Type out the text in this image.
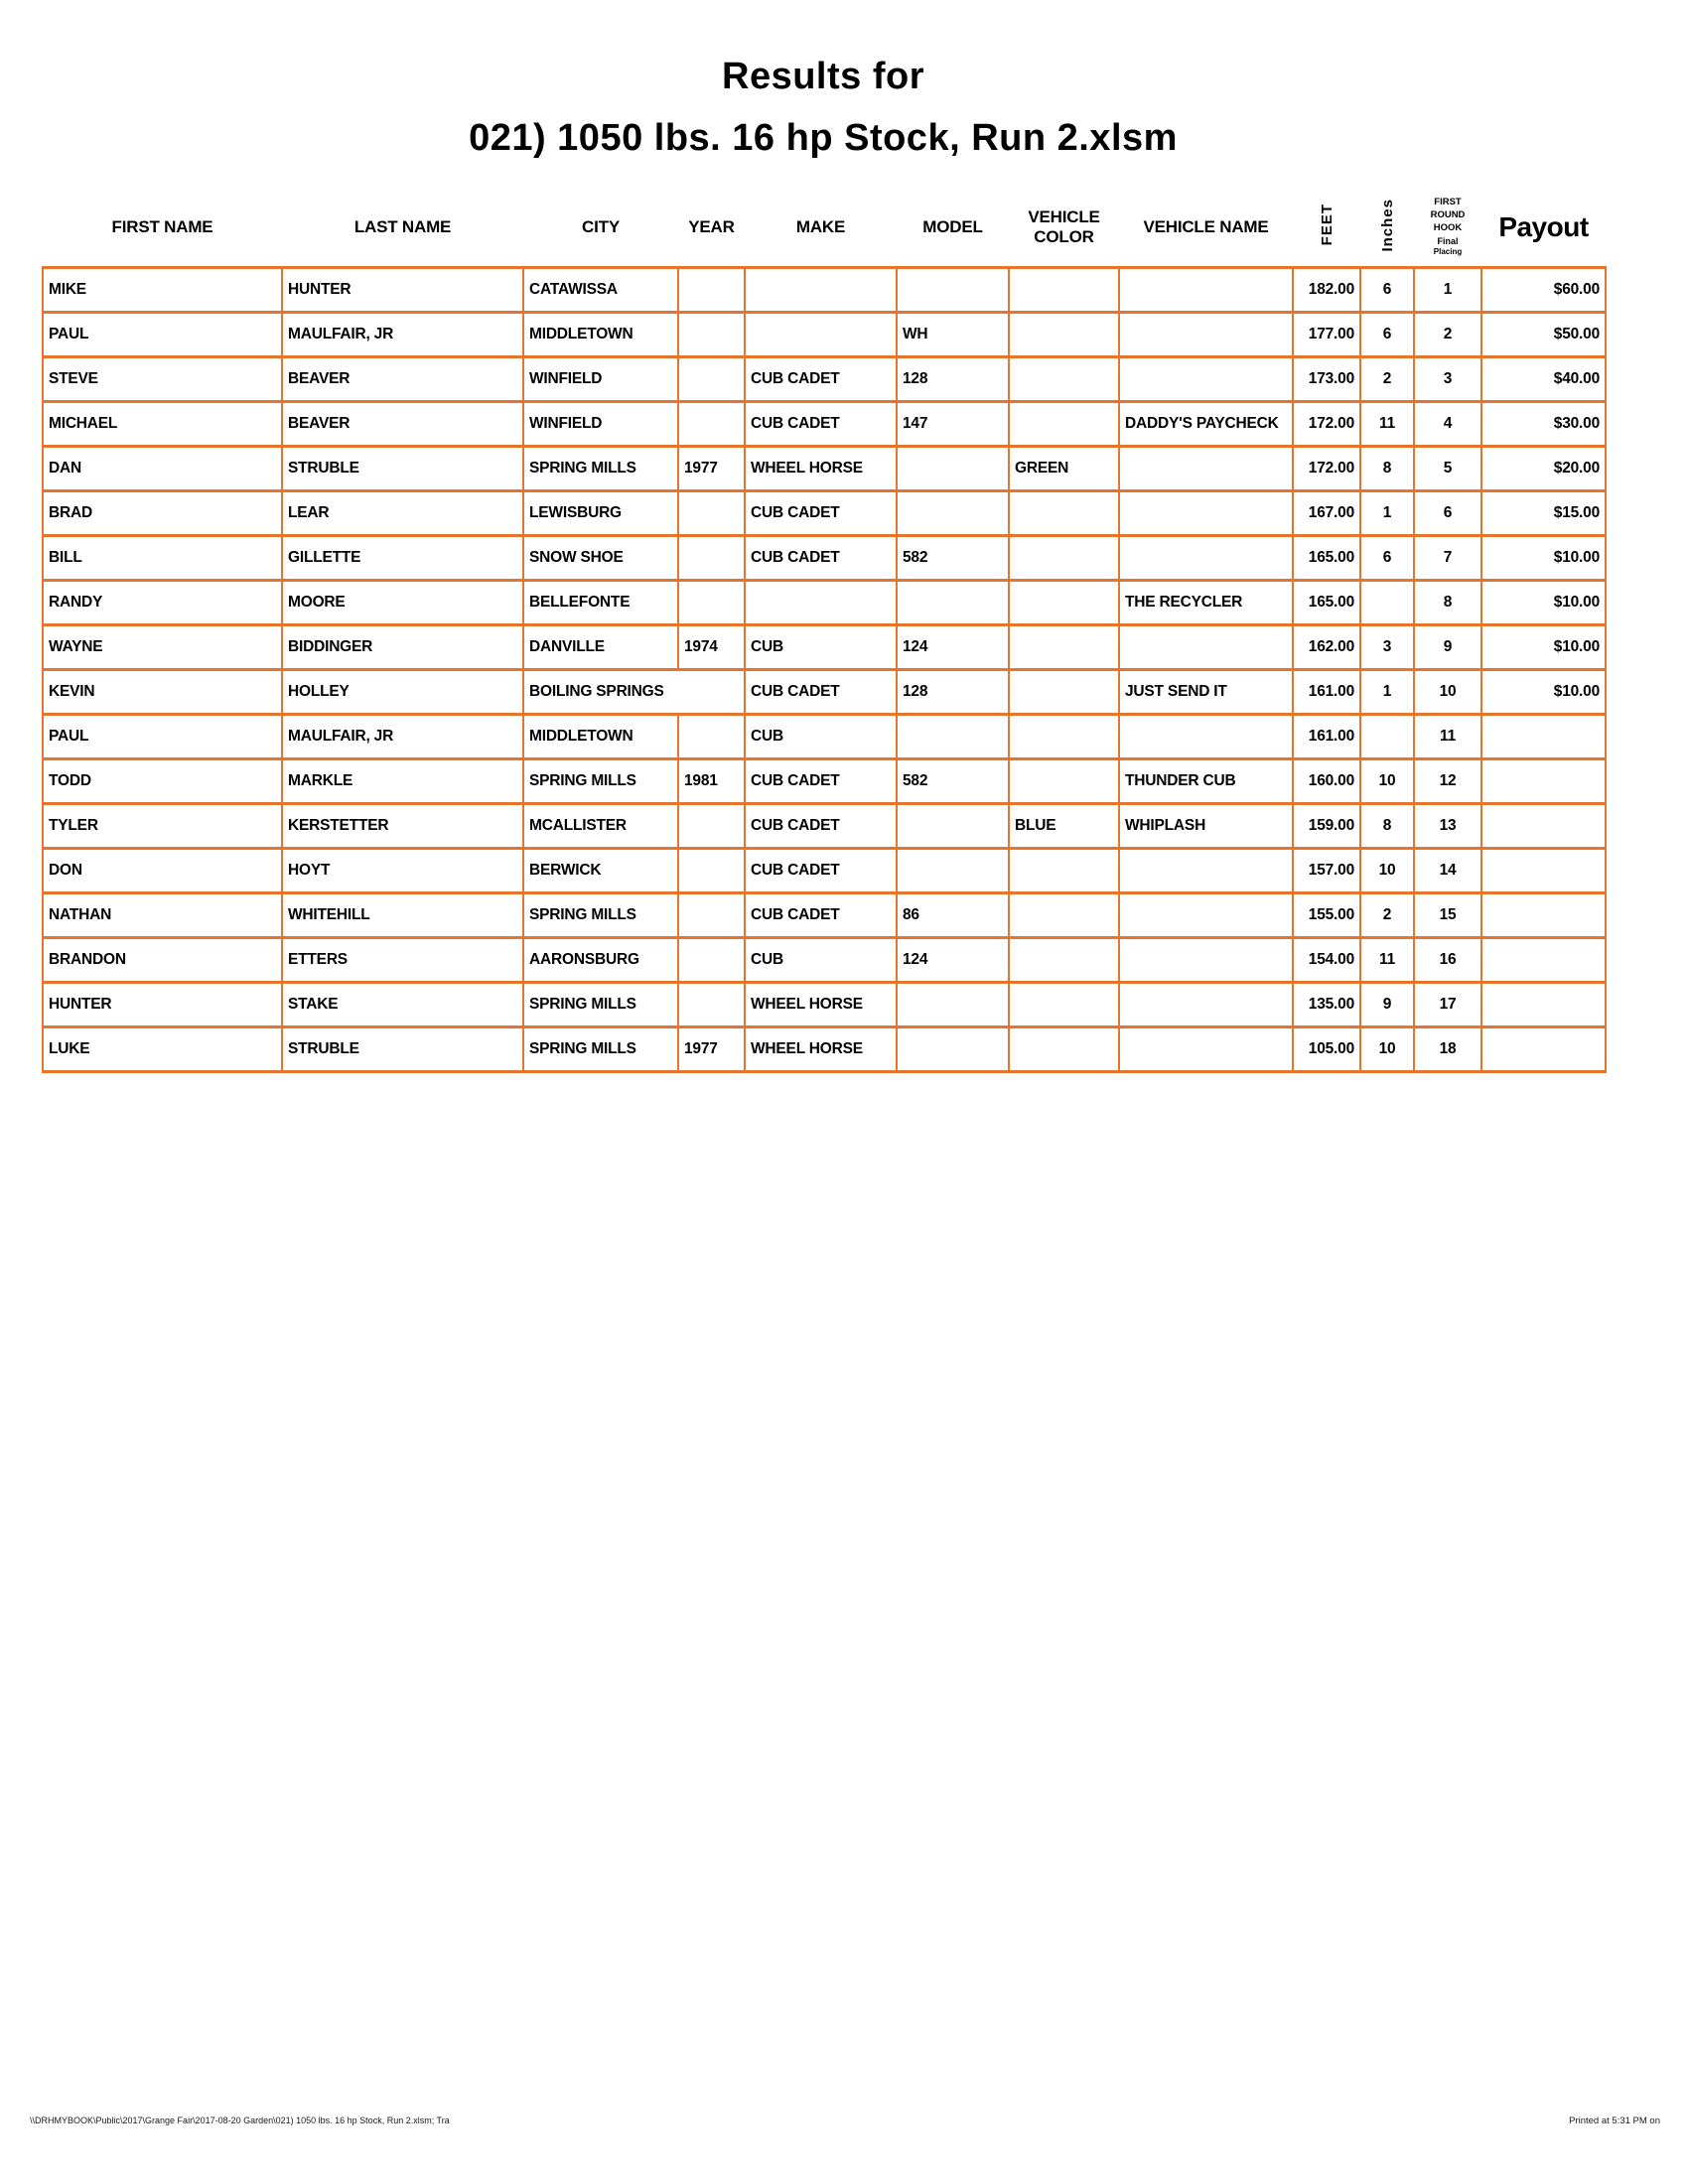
Results for
021) 1050 lbs. 16 hp Stock, Run 2.xlsm
FIRST NAME	LAST NAME	CITY	YEAR	MAKE	MODEL	VEHICLE
COLOR	VEHICLE NAME	FEET	Inches	FIRST
ROUND
HOOK
Final
Placing	Payout
MIKE	HUNTER	CATAWISSA						182.00	6	1	$60.00
PAUL	MAULFAIR, JR	MIDDLETOWN			WH			177.00	6	2	$50.00
STEVE	BEAVER	WINFIELD		CUB CADET	128			173.00	2	3	$40.00
MICHAEL	BEAVER	WINFIELD		CUB CADET	147		DADDY'S PAYCHECK	172.00	11	4	$30.00
DAN	STRUBLE	SPRING MILLS	1977	WHEEL HORSE		GREEN		172.00	8	5	$20.00
BRAD	LEAR	LEWISBURG		CUB CADET				167.00	1	6	$15.00
BILL	GILLETTE	SNOW SHOE		CUB CADET	582			165.00	6	7	$10.00
RANDY	MOORE	BELLEFONTE					THE RECYCLER	165.00		8	$10.00
WAYNE	BIDDINGER	DANVILLE	1974	CUB	124			162.00	3	9	$10.00
KEVIN	HOLLEY	BOILING SPRINGS		CUB CADET	128		JUST SEND IT	161.00	1	10	$10.00
PAUL	MAULFAIR, JR	MIDDLETOWN		CUB				161.00		11	
TODD	MARKLE	SPRING MILLS	1981	CUB CADET	582		THUNDER CUB	160.00	10	12	
TYLER	KERSTETTER	MCALLISTER		CUB CADET		BLUE	WHIPLASH	159.00	8	13	
DON	HOYT	BERWICK		CUB CADET				157.00	10	14	
NATHAN	WHITEHILL	SPRING MILLS		CUB CADET	86			155.00	2	15	
BRANDON	ETTERS	AARONSBURG		CUB	124			154.00	11	16	
HUNTER	STAKE	SPRING MILLS		WHEEL HORSE				135.00	9	17	
LUKE	STRUBLE	SPRING MILLS	1977	WHEEL HORSE				105.00	10	18	
\\DRHMYBOOK\Public\2017\Grange Fair\2017-08-20 Garden\021) 1050 lbs. 16 hp Stock, Run 2.xlsm; Tra	Printed at 5:31 PM on
